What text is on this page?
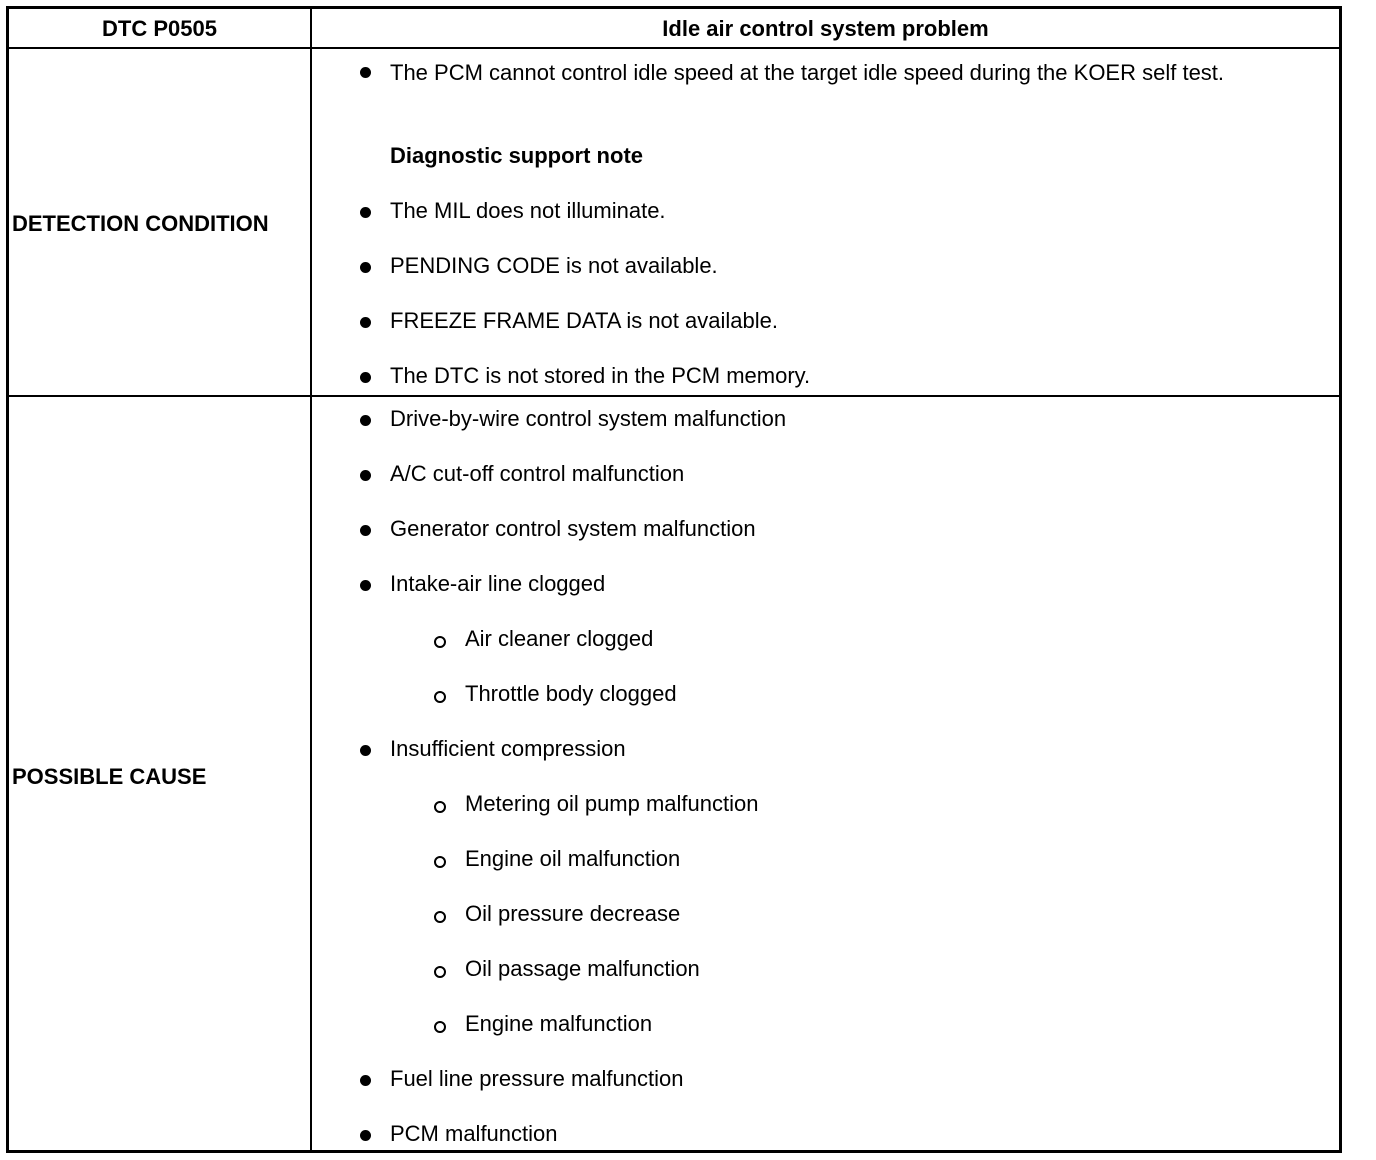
DTC P0505	Idle air control system problem
DETECTION CONDITION
The PCM cannot control idle speed at the target idle speed during the KOER self test.
Diagnostic support note
The MIL does not illuminate.
PENDING CODE is not available.
FREEZE FRAME DATA is not available.
The DTC is not stored in the PCM memory.
POSSIBLE CAUSE
Drive-by-wire control system malfunction
A/C cut-off control malfunction
Generator control system malfunction
Intake-air line clogged
Air cleaner clogged
Throttle body clogged
Insufficient compression
Metering oil pump malfunction
Engine oil malfunction
Oil pressure decrease
Oil passage malfunction
Engine malfunction
Fuel line pressure malfunction
PCM malfunction
